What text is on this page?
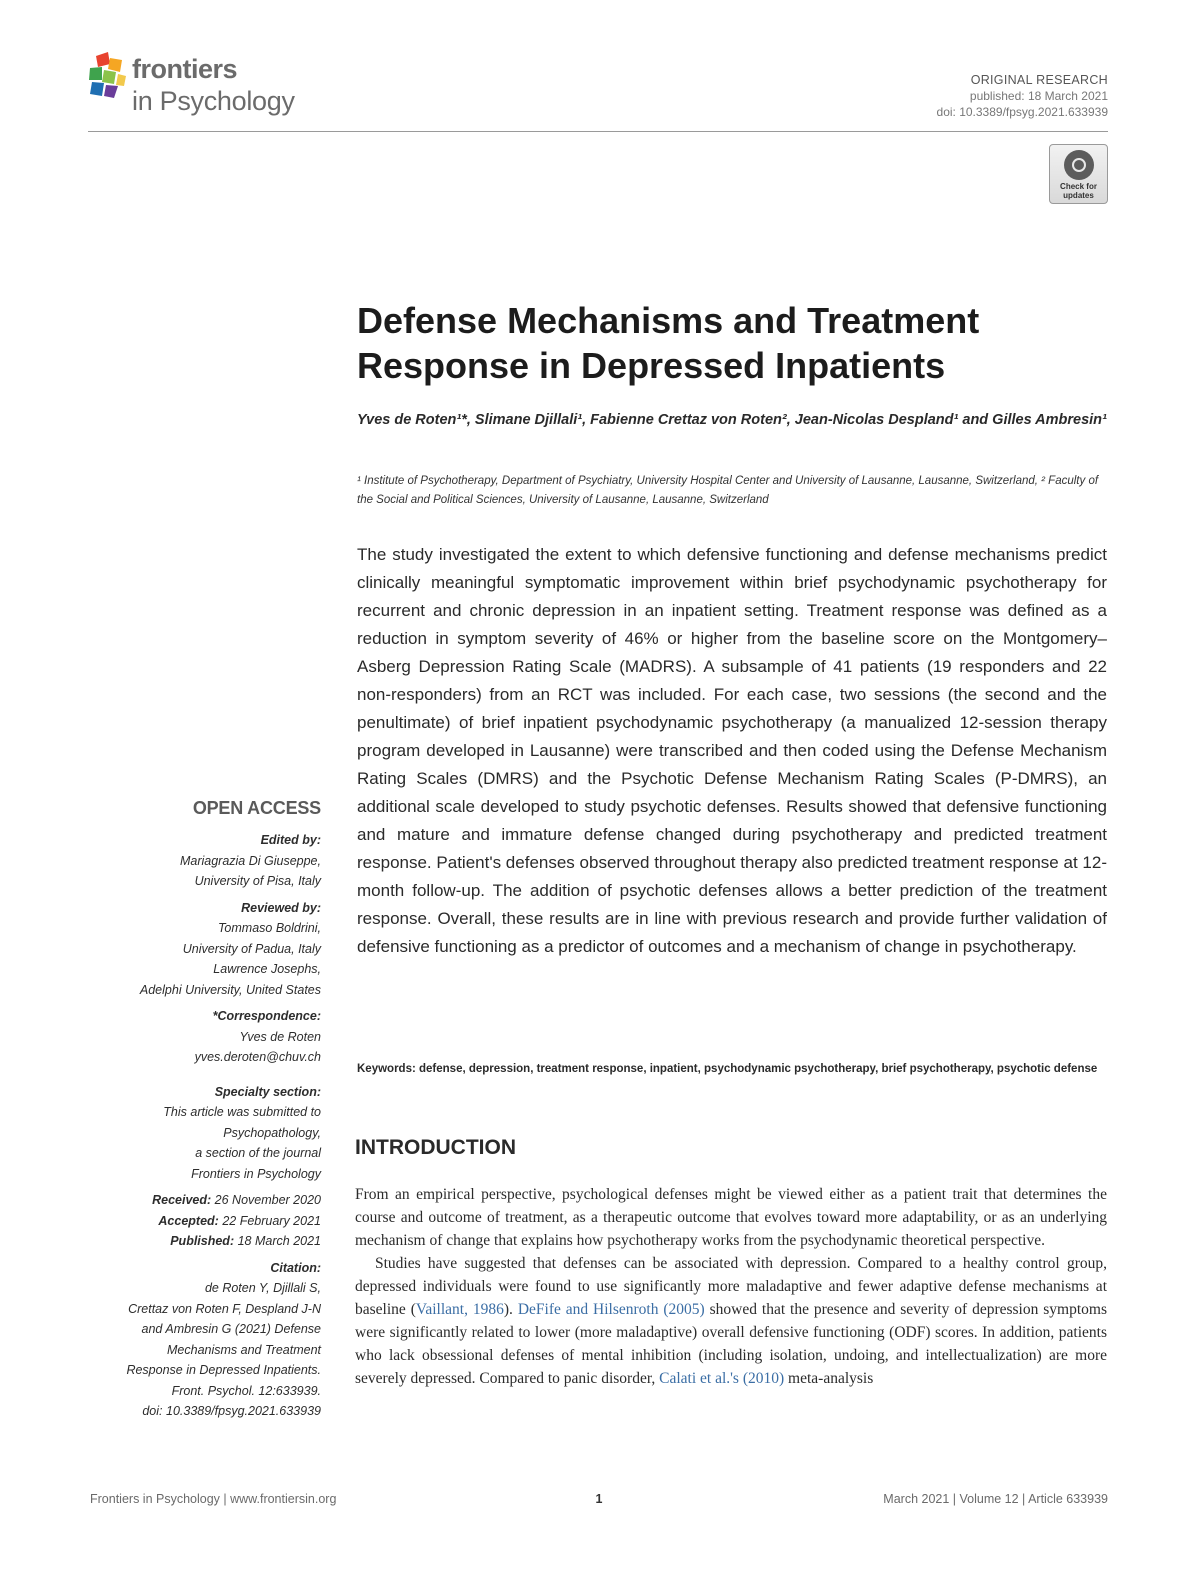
frontiers
in Psychology
ORIGINAL RESEARCH
published: 18 March 2021
doi: 10.3389/fpsyg.2021.633939
Check for updates
Defense Mechanisms and Treatment Response in Depressed Inpatients
Yves de Roten¹*, Slimane Djillali¹, Fabienne Crettaz von Roten², Jean-Nicolas Despland¹ and Gilles Ambresin¹
¹ Institute of Psychotherapy, Department of Psychiatry, University Hospital Center and University of Lausanne, Lausanne, Switzerland, ² Faculty of the Social and Political Sciences, University of Lausanne, Lausanne, Switzerland

The study investigated the extent to which defensive functioning and defense mechanisms predict clinically meaningful symptomatic improvement within brief psychodynamic psychotherapy for recurrent and chronic depression in an inpatient setting. Treatment response was defined as a reduction in symptom severity of 46% or higher from the baseline score on the Montgomery–Asberg Depression Rating Scale (MADRS). A subsample of 41 patients (19 responders and 22 non-responders) from an RCT was included. For each case, two sessions (the second and the penultimate) of brief inpatient psychodynamic psychotherapy (a manualized 12-session therapy program developed in Lausanne) were transcribed and then coded using the Defense Mechanism Rating Scales (DMRS) and the Psychotic Defense Mechanism Rating Scales (P-DMRS), an additional scale developed to study psychotic defenses. Results showed that defensive functioning and mature and immature defense changed during psychotherapy and predicted treatment response. Patient's defenses observed throughout therapy also predicted treatment response at 12-month follow-up. The addition of psychotic defenses allows a better prediction of the treatment response. Overall, these results are in line with previous research and provide further validation of defensive functioning as a predictor of outcomes and a mechanism of change in psychotherapy.

Keywords: defense, depression, treatment response, inpatient, psychodynamic psychotherapy, brief psychotherapy, psychotic defense
INTRODUCTION

From an empirical perspective, psychological defenses might be viewed either as a patient trait that determines the course and outcome of treatment, as a therapeutic outcome that evolves toward more adaptability, or as an underlying mechanism of change that explains how psychotherapy works from the psychodynamic theoretical perspective.

Studies have suggested that defenses can be associated with depression. Compared to a healthy control group, depressed individuals were found to use significantly more maladaptive and fewer adaptive defense mechanisms at baseline (Vaillant, 1986). DeFife and Hilsenroth (2005) showed that the presence and severity of depression symptoms were significantly related to lower (more maladaptive) overall defensive functioning (ODF) scores. In addition, patients who lack obsessional defenses of mental inhibition (including isolation, undoing, and intellectualization) are more severely depressed. Compared to panic disorder, Calati et al.'s (2010) meta-analysis

OPEN ACCESS
Edited by:
Mariagrazia Di Giuseppe,
University of Pisa, Italy
Reviewed by:
Tommaso Boldrini,
University of Padua, Italy
Lawrence Josephs,
Adelphi University, United States
*Correspondence:
Yves de Roten
yves.deroten@chuv.ch
Specialty section:
This article was submitted to
Psychopathology,
a section of the journal
Frontiers in Psychology
Received: 26 November 2020
Accepted: 22 February 2021
Published: 18 March 2021
Citation:
de Roten Y, Djillali S,
Crettaz von Roten F, Despland J-N
and Ambresin G (2021) Defense
Mechanisms and Treatment
Response in Depressed Inpatients.
Front. Psychol. 12:633939.
doi: 10.3389/fpsyg.2021.633939
Frontiers in Psychology | www.frontiersin.org	1	March 2021 | Volume 12 | Article 633939
